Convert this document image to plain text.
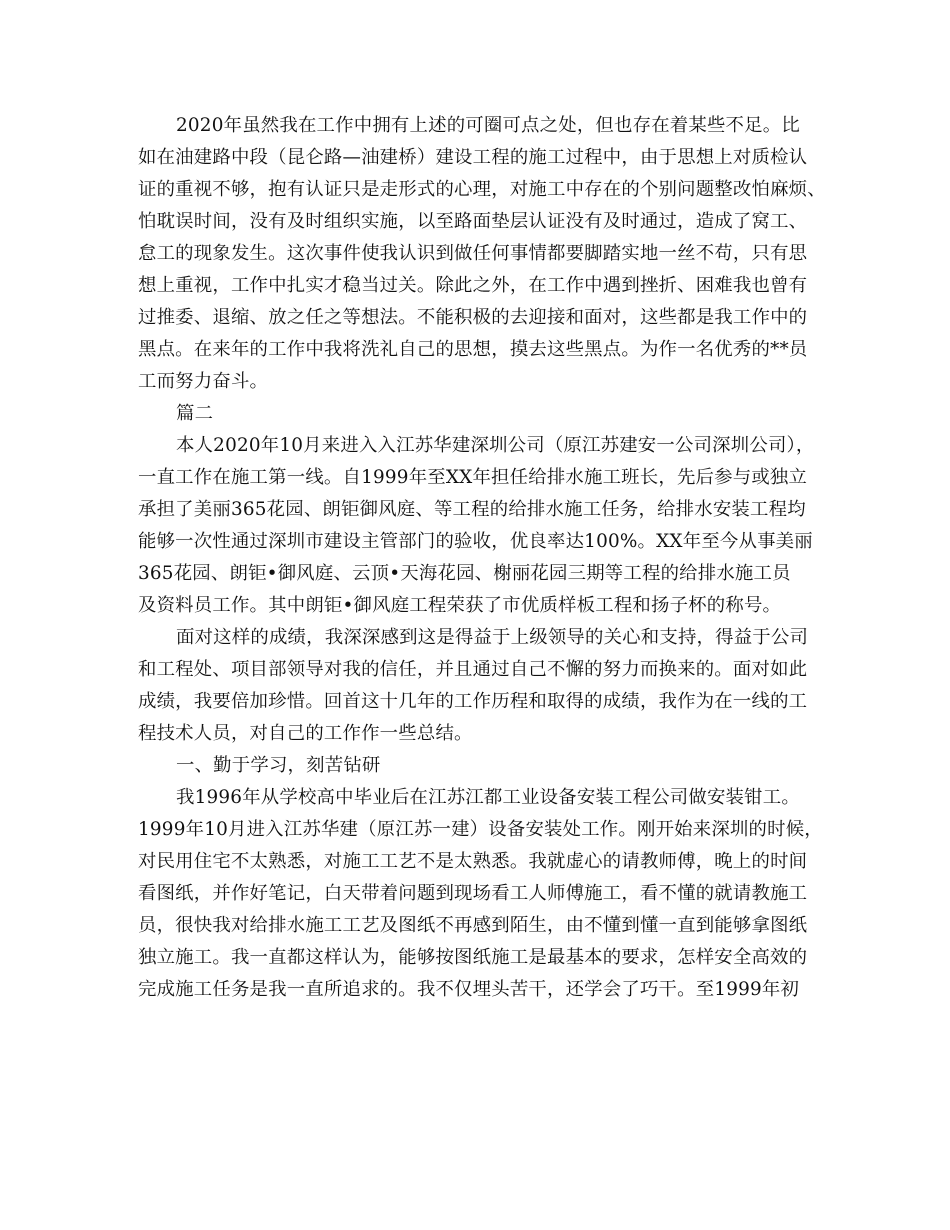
2020年虽然我在工作中拥有上述的可圈可点之处，但也存在着某些不足。比
如在油建路中段（昆仑路—油建桥）建设工程的施工过程中，由于思想上对质检认
证的重视不够，抱有认证只是走形式的心理，对施工中存在的个别问题整改怕麻烦、
怕耽误时间，没有及时组织实施，以至路面垫层认证没有及时通过，造成了窝工、
怠工的现象发生。这次事件使我认识到做任何事情都要脚踏实地一丝不苟，只有思
想上重视，工作中扎实才稳当过关。除此之外，在工作中遇到挫折、困难我也曾有
过推委、退缩、放之任之等想法。不能积极的去迎接和面对，这些都是我工作中的
黑点。在来年的工作中我将洗礼自己的思想，摸去这些黑点。为作一名优秀的**员
工而努力奋斗。
篇二
本人2020年10月来进入入江苏华建深圳公司（原江苏建安一公司深圳公司），
一直工作在施工第一线。自1999年至XX年担任给排水施工班长，先后参与或独立
承担了美丽365花园、朗钜御风庭、等工程的给排水施工任务，给排水安装工程均
能够一次性通过深圳市建设主管部门的验收，优良率达100%。XX年至今从事美丽
365花园、朗钜•御风庭、云顶•天海花园、榭丽花园三期等工程的给排水施工员
及资料员工作。其中朗钜•御风庭工程荣获了市优质样板工程和扬子杯的称号。
面对这样的成绩，我深深感到这是得益于上级领导的关心和支持，得益于公司
和工程处、项目部领导对我的信任，并且通过自己不懈的努力而换来的。面对如此
成绩，我要倍加珍惜。回首这十几年的工作历程和取得的成绩，我作为在一线的工
程技术人员，对自己的工作作一些总结。
一、勤于学习，刻苦钻研
我1996年从学校高中毕业后在江苏江都工业设备安装工程公司做安装钳工。
1999年10月进入江苏华建（原江苏一建）设备安装处工作。刚开始来深圳的时候，
对民用住宅不太熟悉，对施工工艺不是太熟悉。我就虚心的请教师傅，晚上的时间
看图纸，并作好笔记，白天带着问题到现场看工人师傅施工，看不懂的就请教施工
员，很快我对给排水施工工艺及图纸不再感到陌生，由不懂到懂一直到能够拿图纸
独立施工。我一直都这样认为，能够按图纸施工是最基本的要求，怎样安全高效的
完成施工任务是我一直所追求的。我不仅埋头苦干，还学会了巧干。至1999年初
